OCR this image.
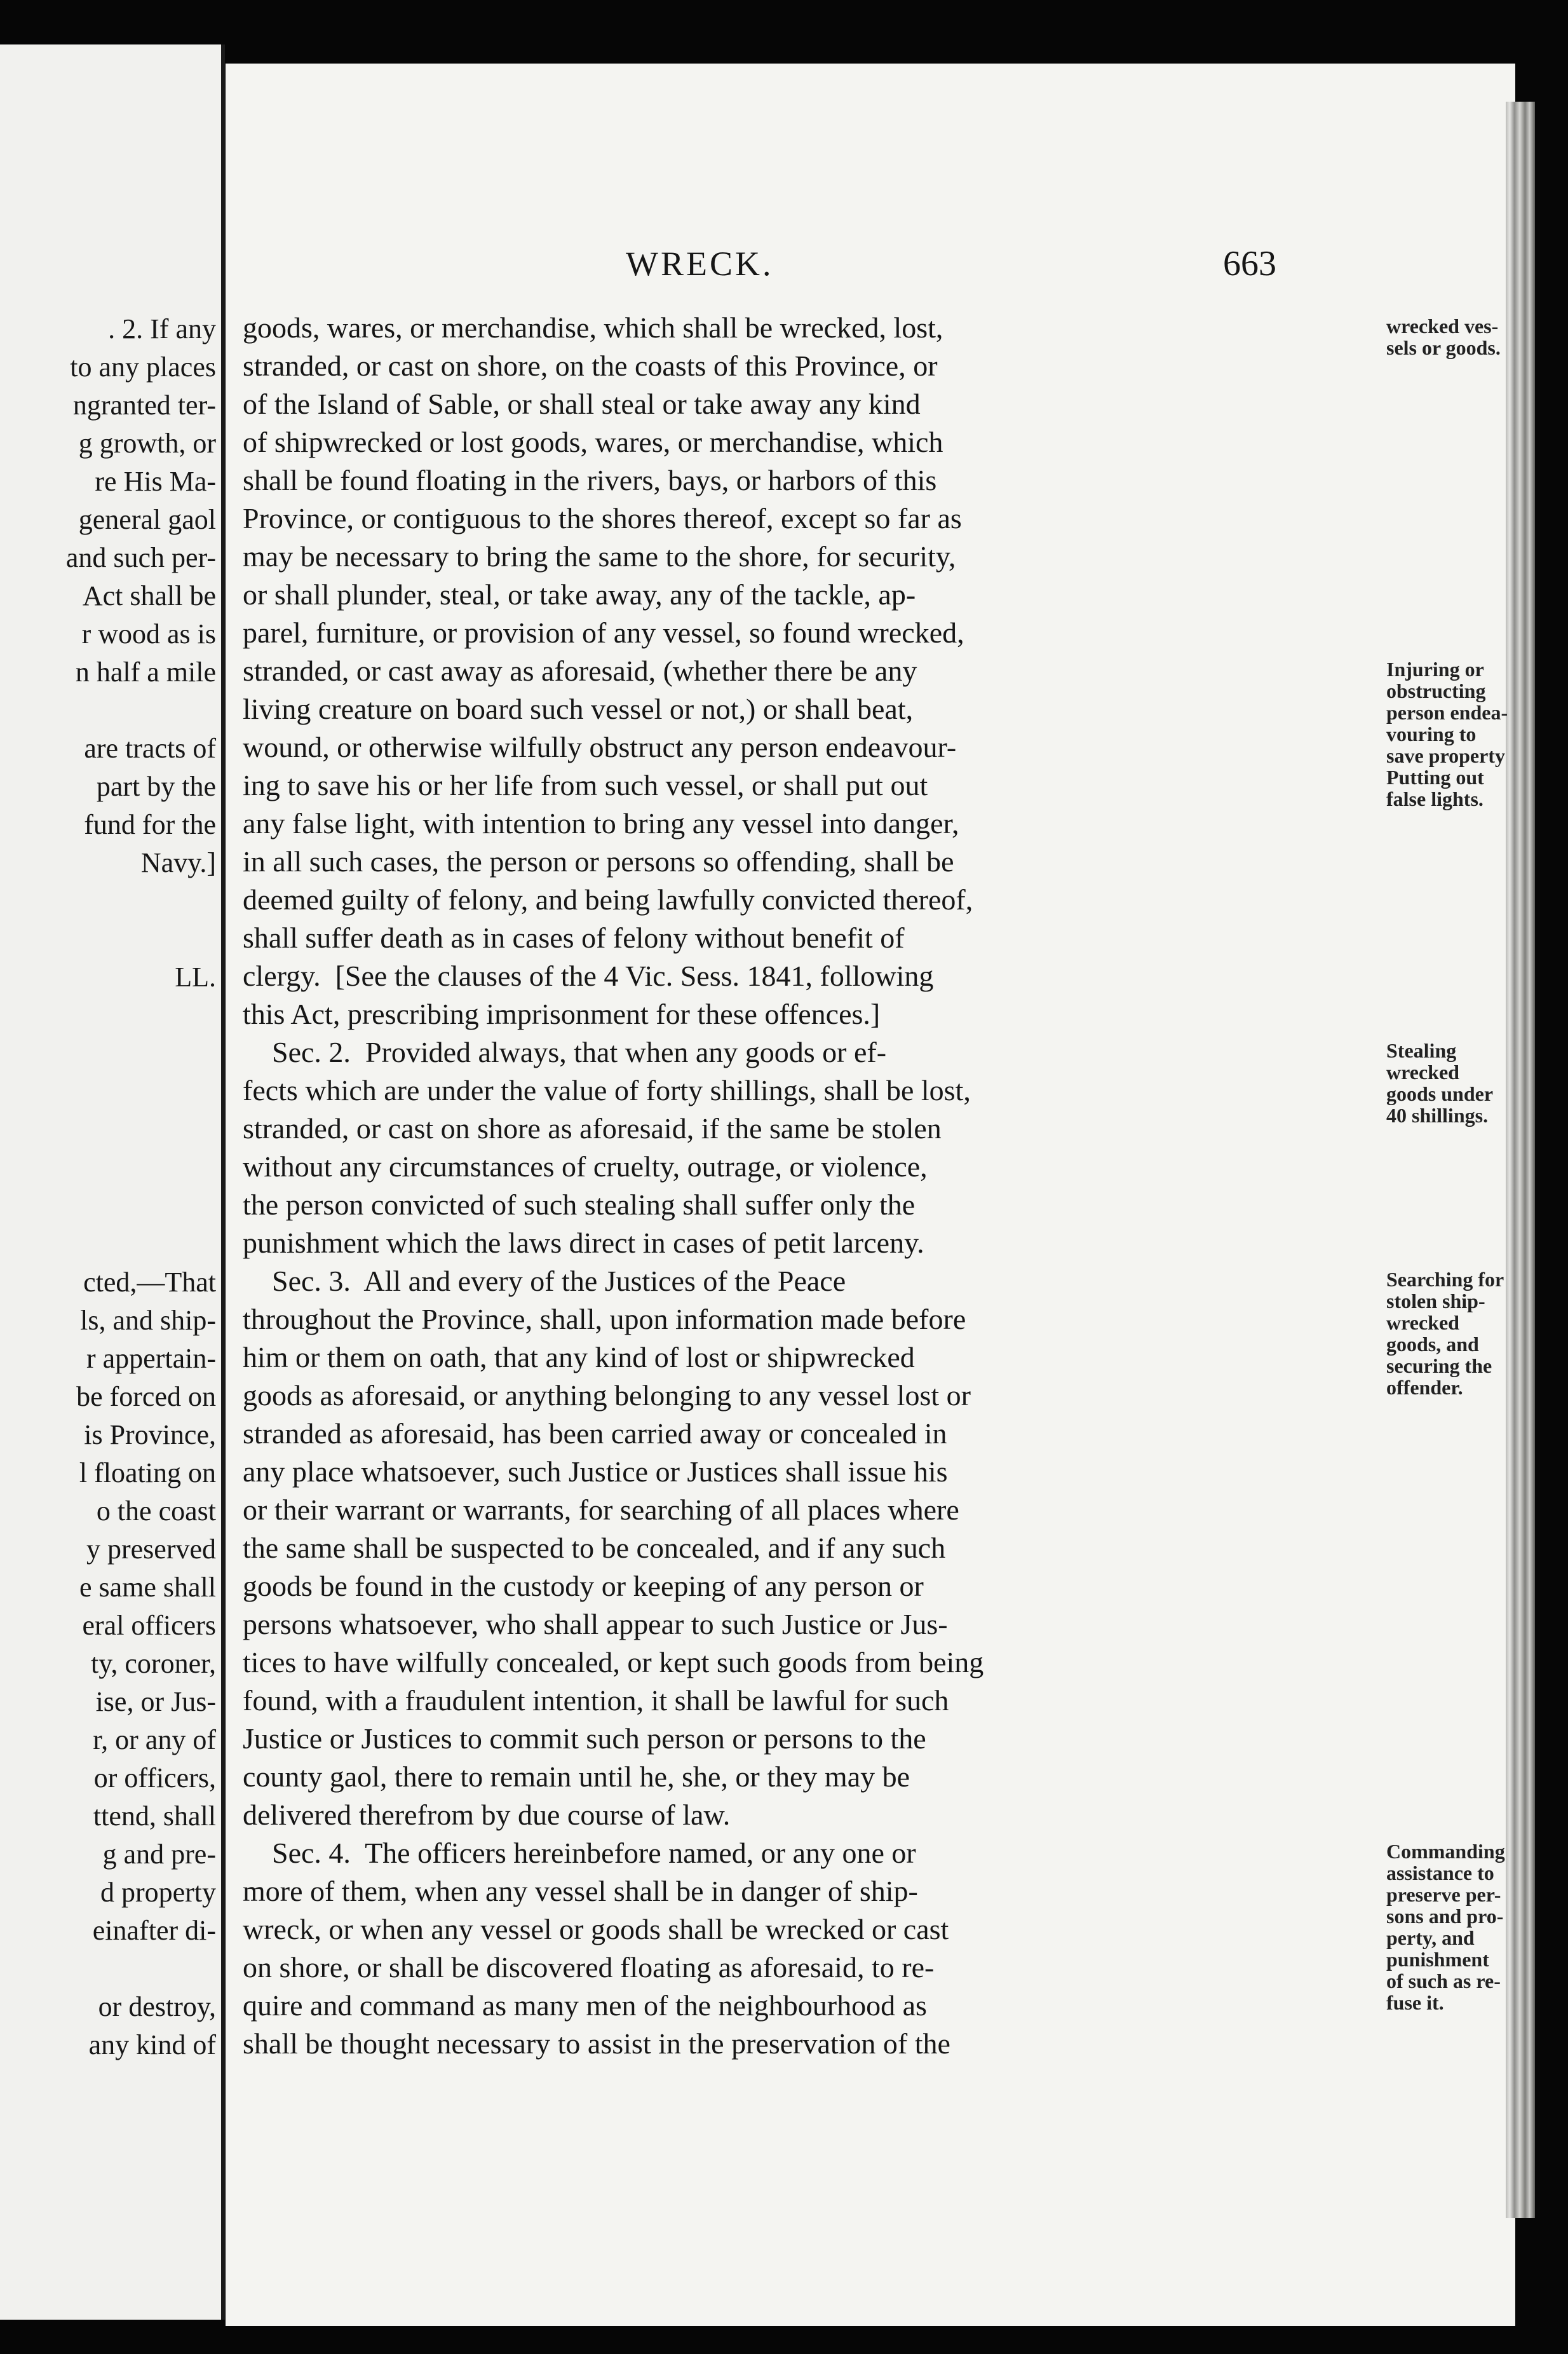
. 2. If any
to any places
ngranted ter-
g growth, or
re His Ma-
general gaol
and such per-
Act shall be
r wood as is
n half a mile
are tracts of
part by the
fund for the
Navy.]
LL.
cted,—That
ls, and ship-
r appertain-
be forced on
is Province,
l floating on
o the coast
y preserved
e same shall
eral officers
ty, coroner,
ise, or Jus-
r, or any of
or officers,
ttend, shall
g and pre-
d property
einafter di-
or destroy,
any kind of
WRECK.	663
goods, wares, or merchandise, which shall be wrecked, lost,
stranded, or cast on shore, on the coasts of this Province, or
of the Island of Sable, or shall steal or take away any kind
of shipwrecked or lost goods, wares, or merchandise, which
shall be found floating in the rivers, bays, or harbors of this
Province, or contiguous to the shores thereof, except so far as
may be necessary to bring the same to the shore, for security,
or shall plunder, steal, or take away, any of the tackle, ap-
parel, furniture, or provision of any vessel, so found wrecked,
stranded, or cast away as aforesaid, (whether there be any
living creature on board such vessel or not,) or shall beat,
wound, or otherwise wilfully obstruct any person endeavour-
ing to save his or her life from such vessel, or shall put out
any false light, with intention to bring any vessel into danger,
in all such cases, the person or persons so offending, shall be
deemed guilty of felony, and being lawfully convicted thereof,
shall suffer death as in cases of felony without benefit of
clergy.  [See the clauses of the 4 Vic. Sess. 1841, following
this Act, prescribing imprisonment for these offences.]
Sec. 2.  Provided always, that when any goods or ef-
fects which are under the value of forty shillings, shall be lost,
stranded, or cast on shore as aforesaid, if the same be stolen
without any circumstances of cruelty, outrage, or violence,
the person convicted of such stealing shall suffer only the
punishment which the laws direct in cases of petit larceny.
Sec. 3.  All and every of the Justices of the Peace
throughout the Province, shall, upon information made before
him or them on oath, that any kind of lost or shipwrecked
goods as aforesaid, or anything belonging to any vessel lost or
stranded as aforesaid, has been carried away or concealed in
any place whatsoever, such Justice or Justices shall issue his
or their warrant or warrants, for searching of all places where
the same shall be suspected to be concealed, and if any such
goods be found in the custody or keeping of any person or
persons whatsoever, who shall appear to such Justice or Jus-
tices to have wilfully concealed, or kept such goods from being
found, with a fraudulent intention, it shall be lawful for such
Justice or Justices to commit such person or persons to the
county gaol, there to remain until he, she, or they may be
delivered therefrom by due course of law.
Sec. 4.  The officers hereinbefore named, or any one or
more of them, when any vessel shall be in danger of ship-
wreck, or when any vessel or goods shall be wrecked or cast
on shore, or shall be discovered floating as aforesaid, to re-
quire and command as many men of the neighbourhood as
shall be thought necessary to assist in the preservation of the
wrecked ves-
sels or goods.
Injuring or
obstructing
person endea-
vouring to
save property
Putting out
false lights.
Stealing
wrecked
goods under
40 shillings.
Searching for
stolen ship-
wrecked
goods, and
securing the
offender.
Commanding
assistance to
preserve per-
sons and pro-
perty, and
punishment
of such as re-
fuse it.
